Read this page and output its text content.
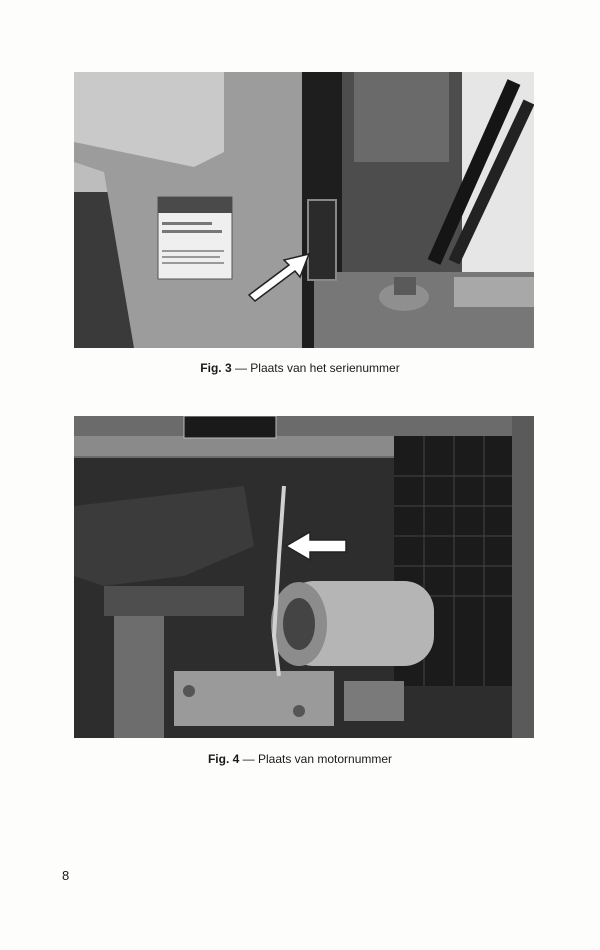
Fig. 3 — Plaats van het serienummer
Fig. 4 — Plaats van motornummer
8
